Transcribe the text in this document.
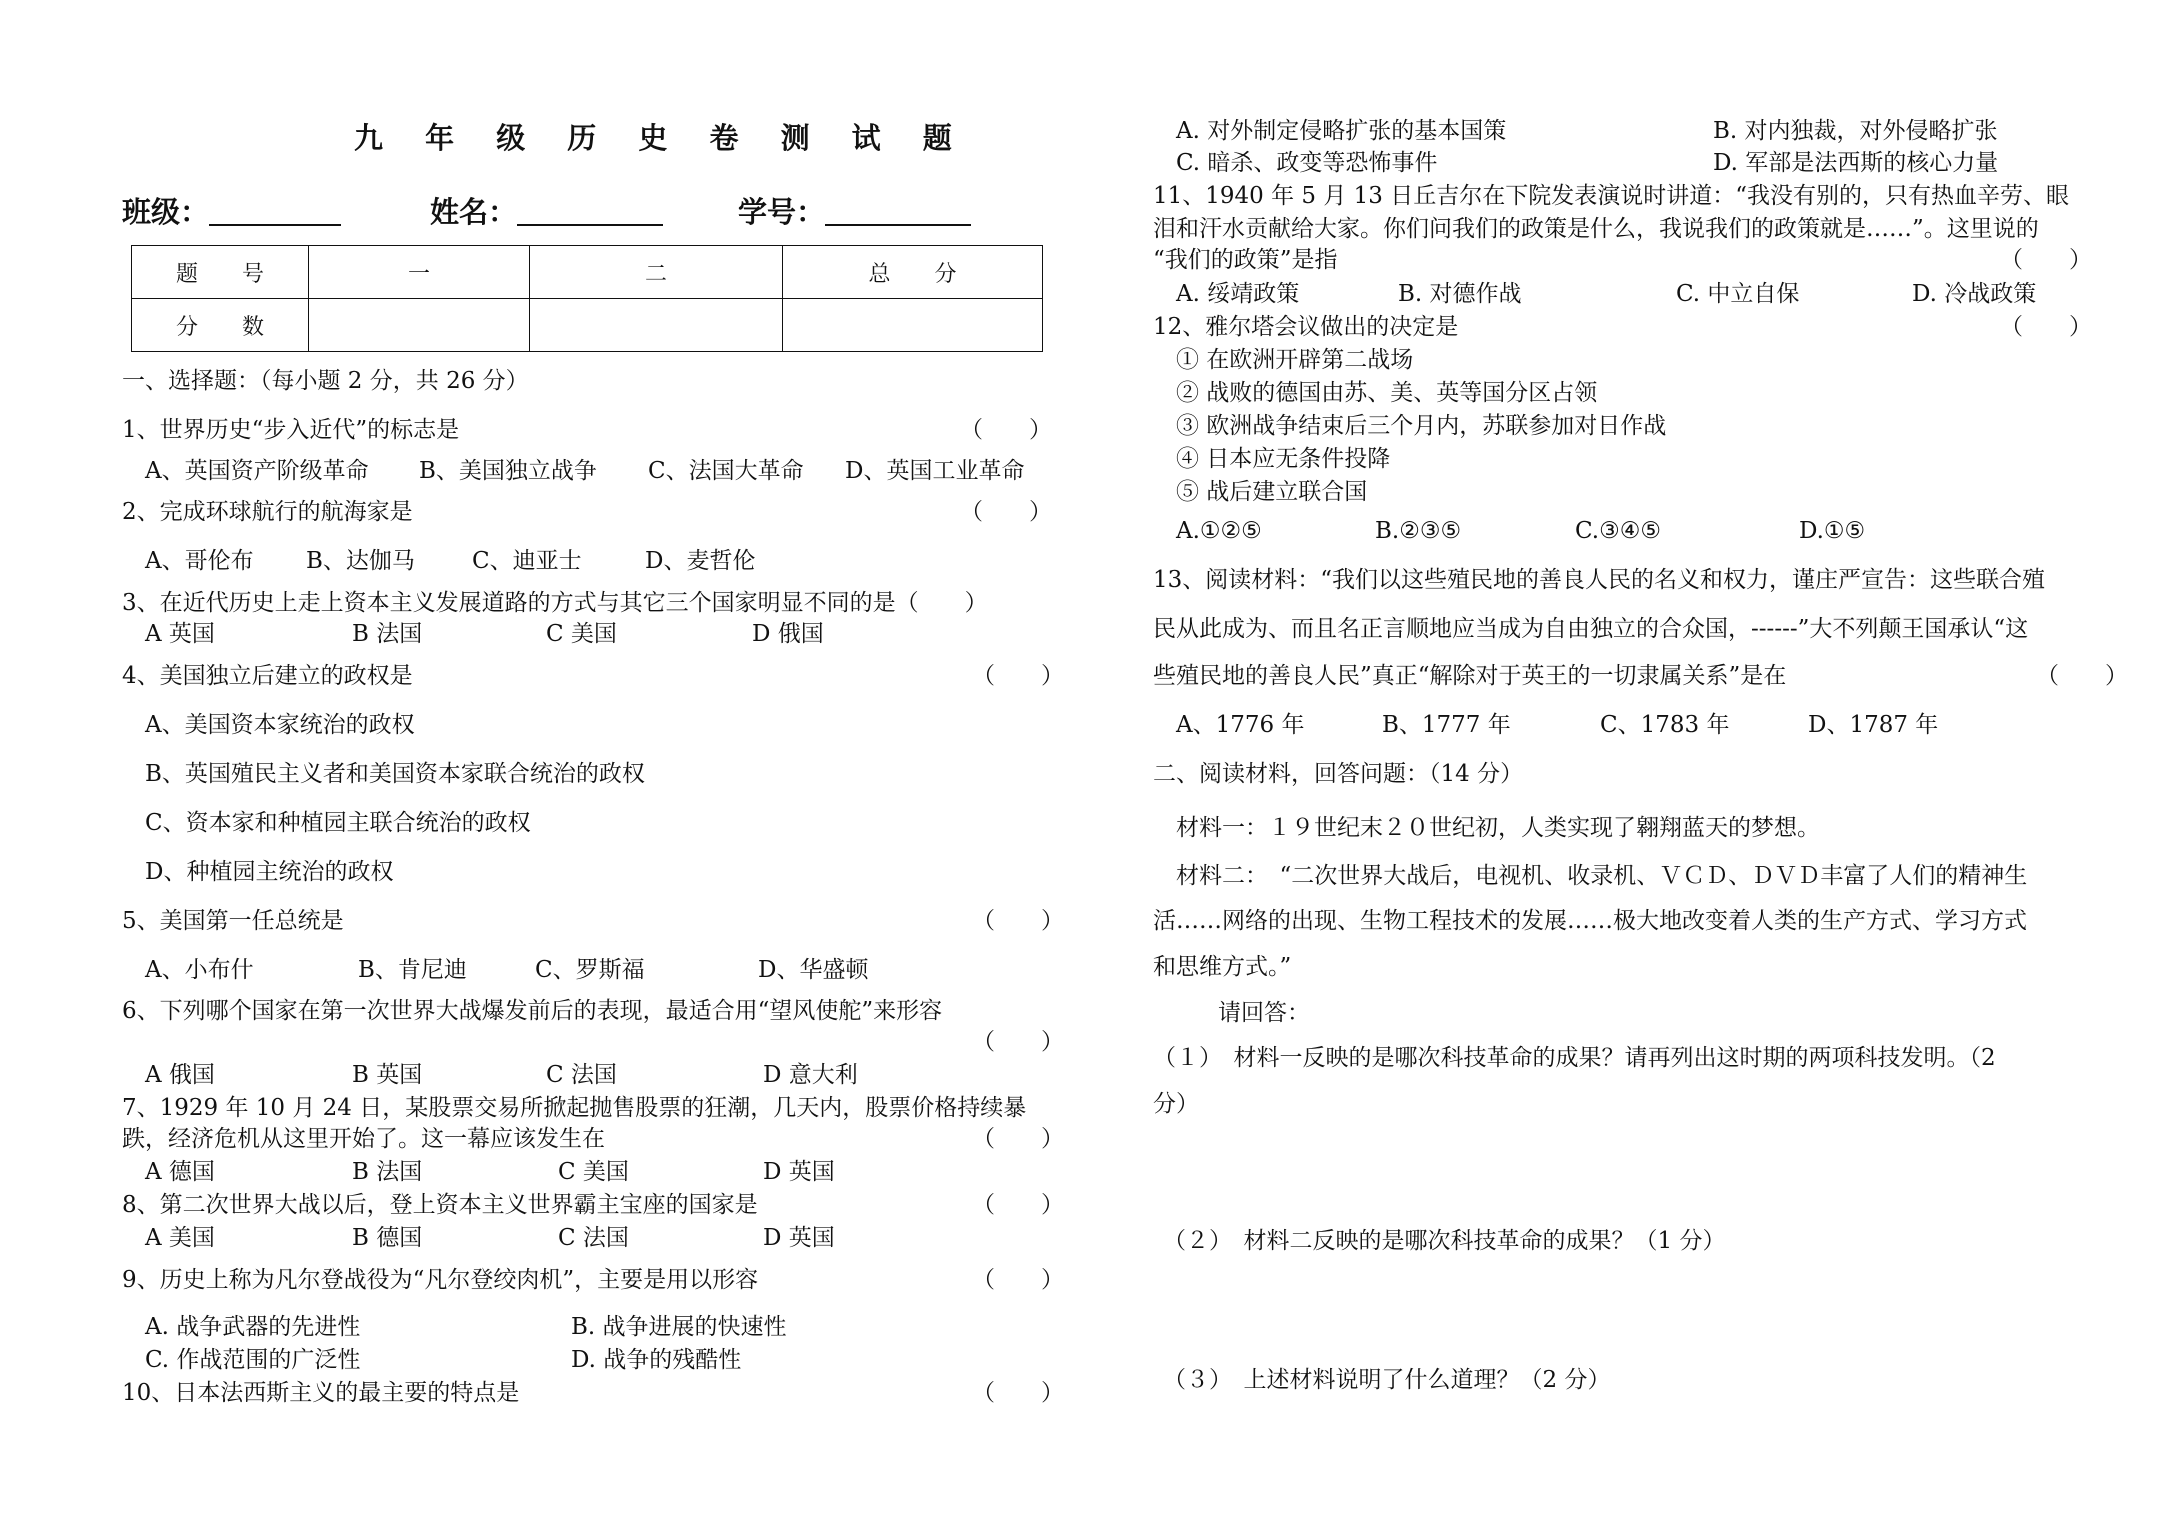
九 年 级 历 史 卷 测 试 题
班级：	姓名：	学号：
题　　号	一	二	总　　分
分　　数			
一、选择题：（每小题 2 分，共 26 分）
1、世界历史“步入近代”的标志是	（　　）
A、英国资产阶级革命 B、美国独立战争 C、法国大革命 D、英国工业革命
2、完成环球航行的航海家是	（　　）
A、哥伦布 B、达伽马 C、迪亚士	D、麦哲伦
3、在近代历史上走上资本主义发展道路的方式与其它三个国家明显不同的是（　　）
A 英国	B 法国	C 美国	D 俄国
4、美国独立后建立的政权是	（　　）
A、美国资本家统治的政权
B、英国殖民主义者和美国资本家联合统治的政权
C、资本家和种植园主联合统治的政权
D、种植园主统治的政权
5、美国第一任总统是	（　　）
A、小布什	B、肯尼迪	C、罗斯福	D、华盛顿
6、下列哪个国家在第一次世界大战爆发前后的表现，最适合用“望风使舵”来形容
（　　）
A 俄国	B 英国	C 法国	D 意大利
7、1929 年 10 月 24 日，某股票交易所掀起抛售股票的狂潮，几天内，股票价格持续暴
跌，经济危机从这里开始了。这一幕应该发生在	（　　）
A 德国	B 法国	C 美国	D 英国
8、第二次世界大战以后，登上资本主义世界霸主宝座的国家是	（　　）
A 美国	B 德国	C 法国	D 英国
9、历史上称为凡尔登战役为“凡尔登绞肉机”，主要是用以形容	（　　）
A. 战争武器的先进性	B. 战争进展的快速性
C. 作战范围的广泛性	D. 战争的残酷性
10、日本法西斯主义的最主要的特点是	（　　）
A. 对外制定侵略扩张的基本国策	B. 对内独裁，对外侵略扩张
C. 暗杀、政变等恐怖事件	D. 军部是法西斯的核心力量
11、1940 年 5 月 13 日丘吉尔在下院发表演说时讲道：“我没有别的，只有热血辛劳、眼
泪和汗水贡献给大家。你们问我们的政策是什么，我说我们的政策就是……”。这里说的
“我们的政策”是指	（　　）
A. 绥靖政策	B. 对德作战	C. 中立自保	D. 冷战政策
12、雅尔塔会议做出的决定是	（　　）
① 在欧洲开辟第二战场
② 战败的德国由苏、美、英等国分区占领
③ 欧洲战争结束后三个月内，苏联参加对日作战
④ 日本应无条件投降
⑤ 战后建立联合国
A.①②⑤	B.②③⑤	C.③④⑤	D.①⑤
13、阅读材料：“我们以这些殖民地的善良人民的名义和权力，谨庄严宣告：这些联合殖
民从此成为、而且名正言顺地应当成为自由独立的合众国，------”大不列颠王国承认“这
些殖民地的善良人民”真正“解除对于英王的一切隶属关系”是在	（　　）
A、1776 年	B、1777 年	C、1783 年	D、1787 年
二、阅读材料，回答问题：（14 分）
材料一：１９世纪末２０世纪初，人类实现了翱翔蓝天的梦想。
材料二：　“二次世界大战后，电视机、收录机、ＶＣＤ、ＤＶＤ丰富了人们的精神生
活……网络的出现、生物工程技术的发展……极大地改变着人类的生产方式、学习方式
和思维方式。”
请回答：
（１）　材料一反映的是哪次科技革命的成果？请再列出这时期的两项科技发明。（2
分）
（２）　材料二反映的是哪次科技革命的成果？（1 分）
（３）　上述材料说明了什么道理？（2 分）
